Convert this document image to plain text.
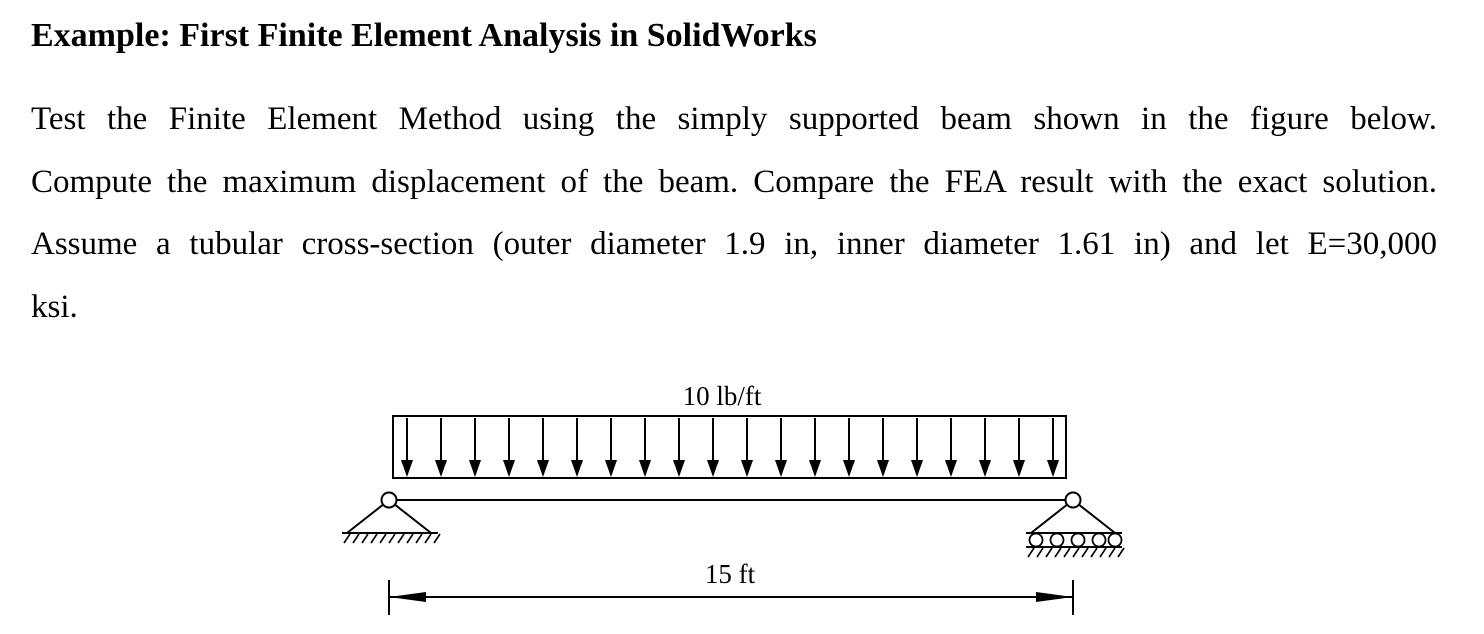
Example: First Finite Element Analysis in SolidWorks
Test the Finite Element Method using the simply supported beam shown in the figure below.
Compute the maximum displacement of the beam. Compare the FEA result with the exact solution.
Assume a tubular cross-section (outer diameter 1.9 in, inner diameter 1.61 in) and let E=30,000
ksi.
10 lb/ft
15 ft
